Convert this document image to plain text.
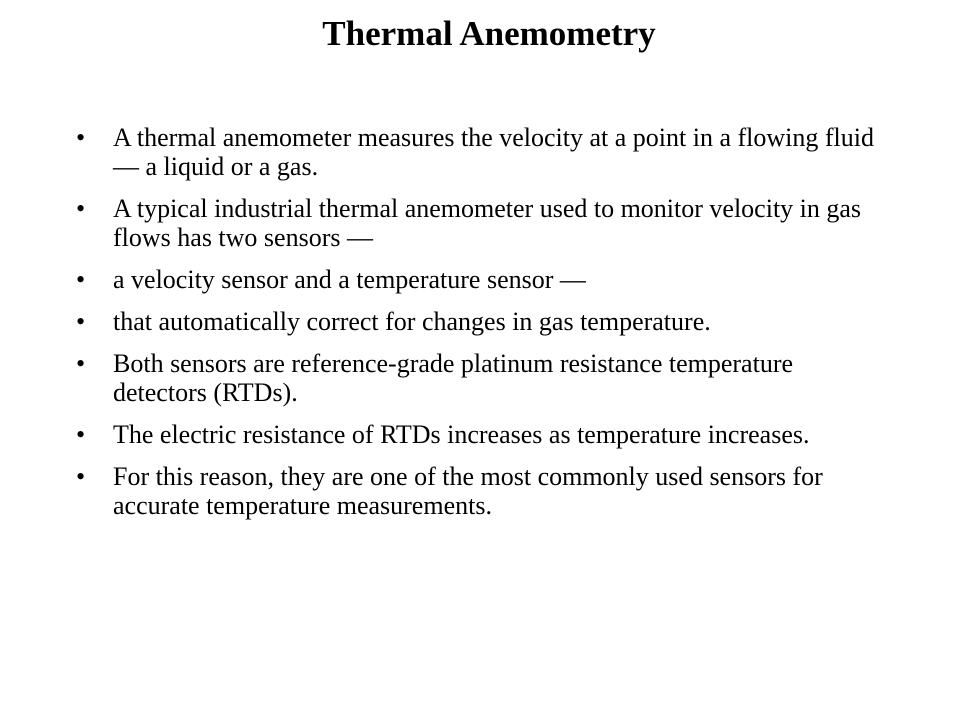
Thermal Anemometry
•	A thermal anemometer measures the velocity at a point in a flowing fluid — a liquid or a gas.
•	A typical industrial thermal anemometer used to monitor velocity in gas flows has two sensors —
•	a velocity sensor and a temperature sensor —
•	that automatically correct for changes in gas temperature.
•	Both sensors are reference-grade platinum resistance temperature detectors (RTDs).
•	The electric resistance of RTDs increases as temperature increases.
•	For this reason, they are one of the most commonly used sensors for accurate temperature measurements.
